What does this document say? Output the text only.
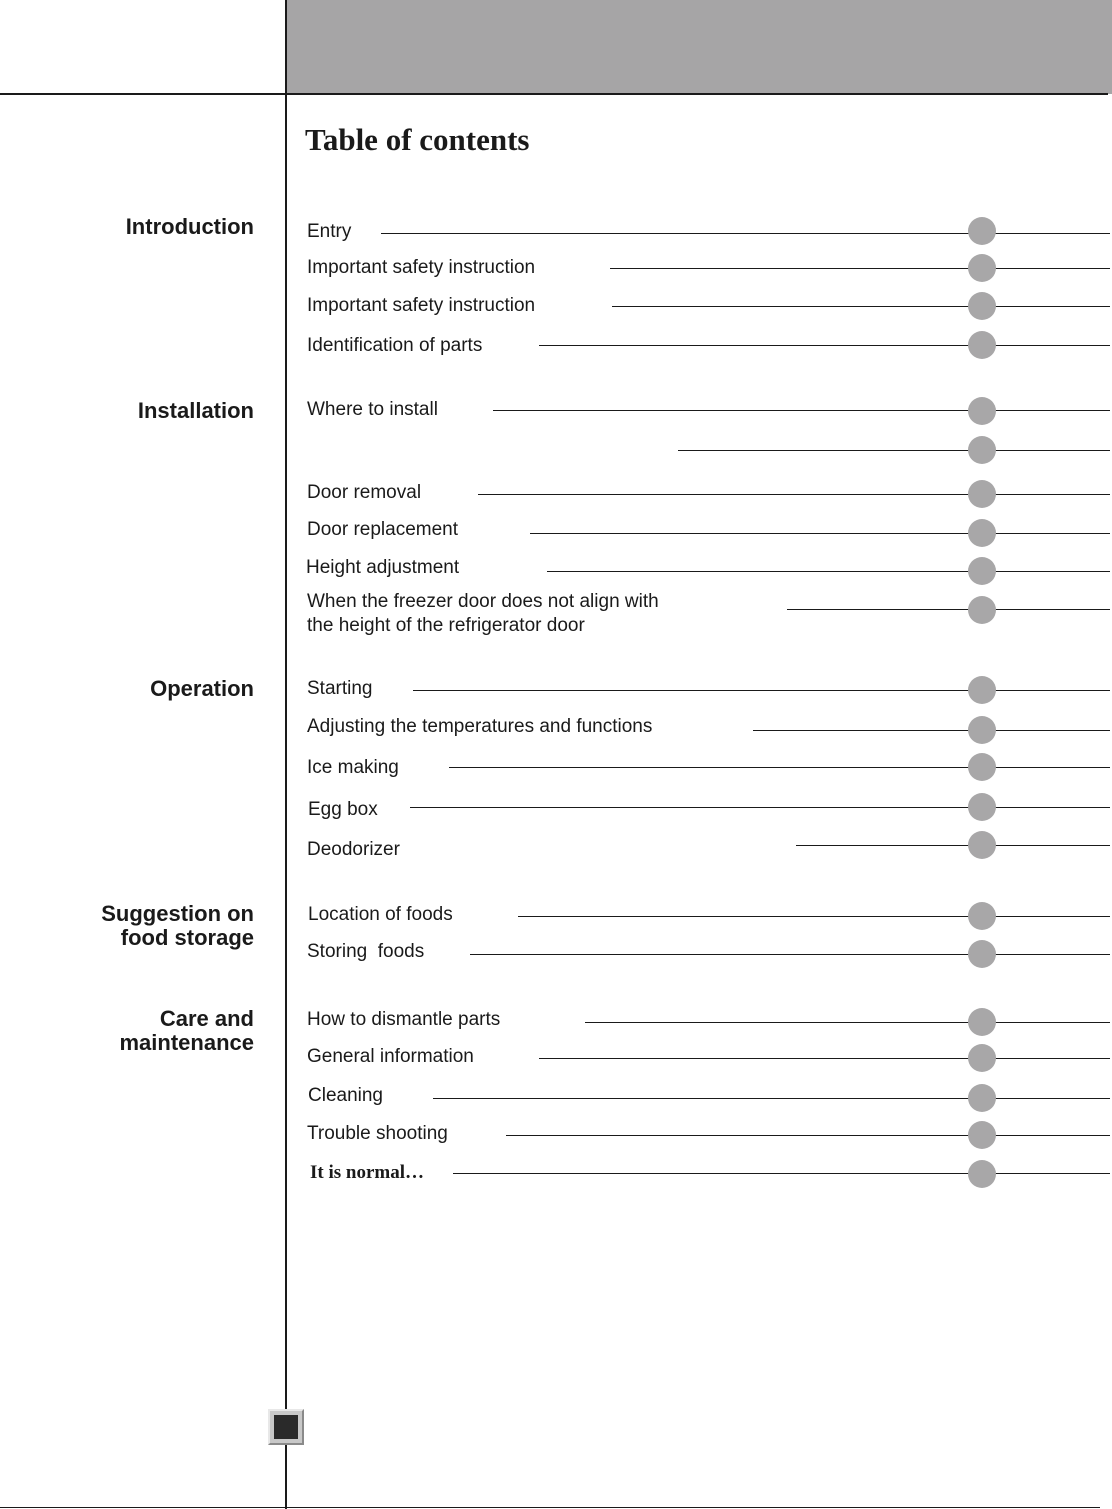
Table of contents
Introduction
Installation
Operation
Suggestion on
food storage
Care and
maintenance
Entry
Important safety instruction
Important safety instruction
Identification of parts
Where to install
Door removal
Door replacement
Height adjustment
When the freezer door does not align with
the height of the refrigerator door
Starting
Adjusting the temperatures and functions
Ice making
Egg box
Deodorizer
Location of foods
Storing  foods
How to dismantle parts
General information
Cleaning
Trouble shooting
It is normal…
